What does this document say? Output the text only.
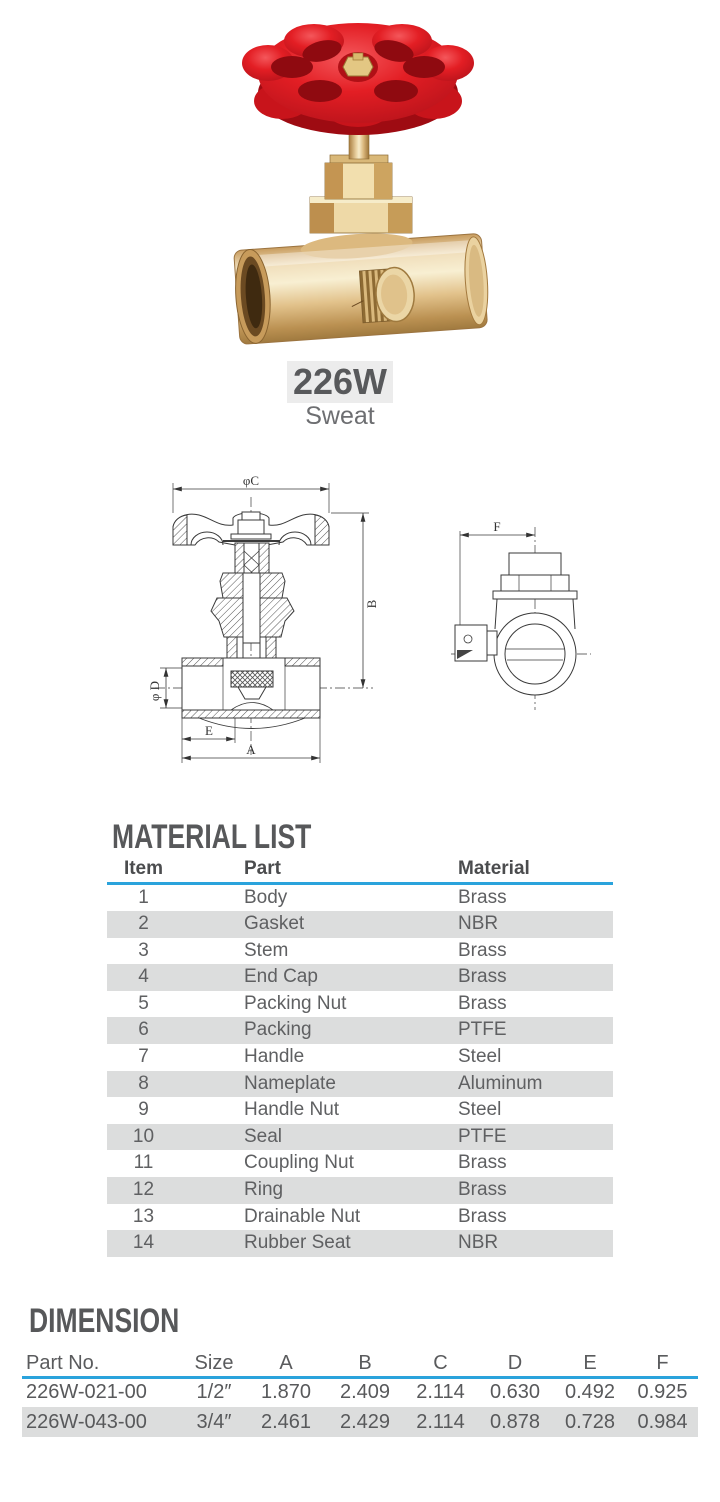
226W
Sweat
φC
B
φ D
E
A
F
MATERIAL LIST
Item	Part	Material
1	Body	Brass
2	Gasket	NBR
3	Stem	Brass
4	End Cap	Brass
5	Packing Nut	Brass
6	Packing	PTFE
7	Handle	Steel
8	Nameplate	Aluminum
9	Handle Nut	Steel
10	Seal	PTFE
11	Coupling Nut	Brass
12	Ring	Brass
13	Drainable Nut	Brass
14	Rubber Seat	NBR
DIMENSION
Part No.	Size	A	B	C	D	E	F
226W-021-00	1/2″	1.870	2.409	2.114	0.630	0.492	0.925
226W-043-00	3/4″	2.461	2.429	2.114	0.878	0.728	0.984
